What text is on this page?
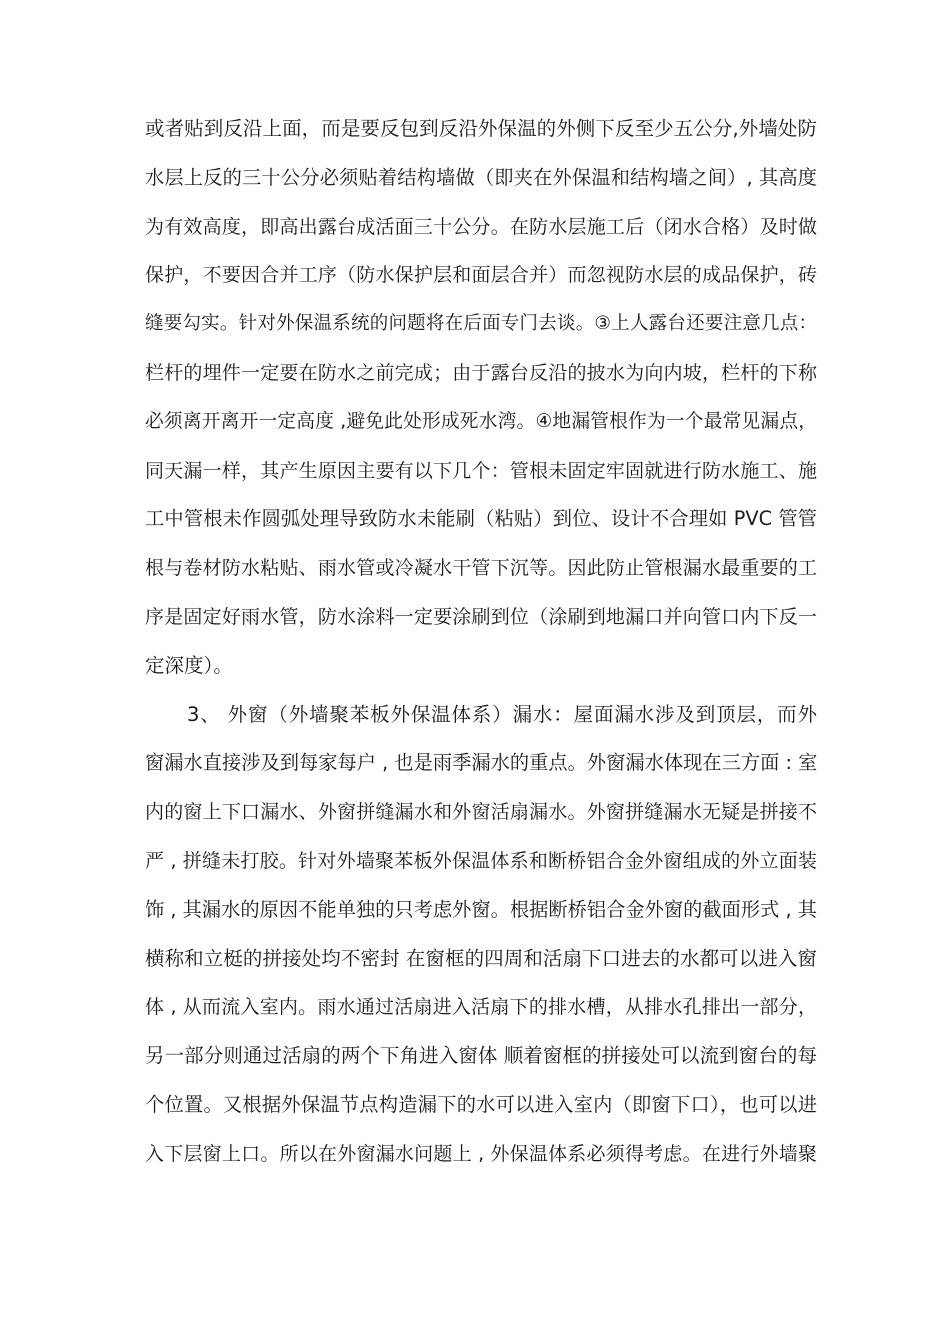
或者贴到反沿上面，而是要反包到反沿外保温的外侧下反至少五公分,外墙处防
水层上反的三十公分必须贴着结构墙做（即夹在外保温和结构墙之间）, 其高度
为有效高度，即高出露台成活面三十公分。在防水层施工后（闭水合格）及时做
保护，不要因合并工序（防水保护层和面层合并）而忽视防水层的成品保护，砖
缝要勾实。针对外保温系统的问题将在后面专门去谈。③上人露台还要注意几点：
栏杆的埋件一定要在防水之前完成；由于露台反沿的披水为向内坡，栏杆的下称
必须离开离开一定高度 ,避免此处形成死水湾。④地漏管根作为一个最常见漏点，
同天漏一样，其产生原因主要有以下几个：管根未固定牢固就进行防水施工、施
工中管根未作圆弧处理导致防水未能刷（粘贴）到位、设计不合理如 PVC 管管
根与卷材防水粘贴、雨水管或冷凝水干管下沉等。因此防止管根漏水最重要的工
序是固定好雨水管，防水涂料一定要涂刷到位（涂刷到地漏口并向管口内下反一
定深度）。
3、 外窗（外墙聚苯板外保温体系）漏水：屋面漏水涉及到顶层，而外
窗漏水直接涉及到每家每户 , 也是雨季漏水的重点。外窗漏水体现在三方面 : 室
内的窗上下口漏水、外窗拼缝漏水和外窗活扇漏水。外窗拼缝漏水无疑是拼接不
严 , 拼缝未打胶。针对外墙聚苯板外保温体系和断桥铝合金外窗组成的外立面装
饰 , 其漏水的原因不能单独的只考虑外窗。根据断桥铝合金外窗的截面形式 , 其
横称和立梃的拼接处均不密封 在窗框的四周和活扇下口进去的水都可以进入窗
体 , 从而流入室内。雨水通过活扇进入活扇下的排水槽，从排水孔排出一部分，
另一部分则通过活扇的两个下角进入窗体 顺着窗框的拼接处可以流到窗台的每
个位置。又根据外保温节点构造漏下的水可以进入室内（即窗下口），也可以进
入下层窗上口。所以在外窗漏水问题上 , 外保温体系必须得考虑。在进行外墙聚
